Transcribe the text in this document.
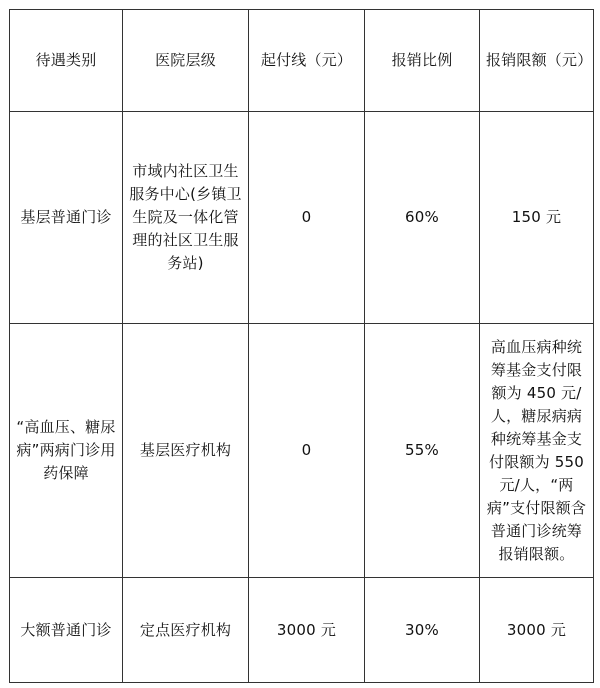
待遇类别	医院层级	起付线（元）	报销比例	报销限额（元）
基层普通门诊	市域内社区卫生服务中心(乡镇卫生院及一体化管理的社区卫生服务站)	0	60%	150 元
“高血压、糖尿病”两病门诊用药保障	基层医疗机构	0	55%	高血压病种统筹基金支付限额为 450 元/人，糖尿病病种统筹基金支付限额为 550 元/人，“两病”支付限额含普通门诊统筹报销限额。
大额普通门诊	定点医疗机构	3000 元	30%	3000 元
